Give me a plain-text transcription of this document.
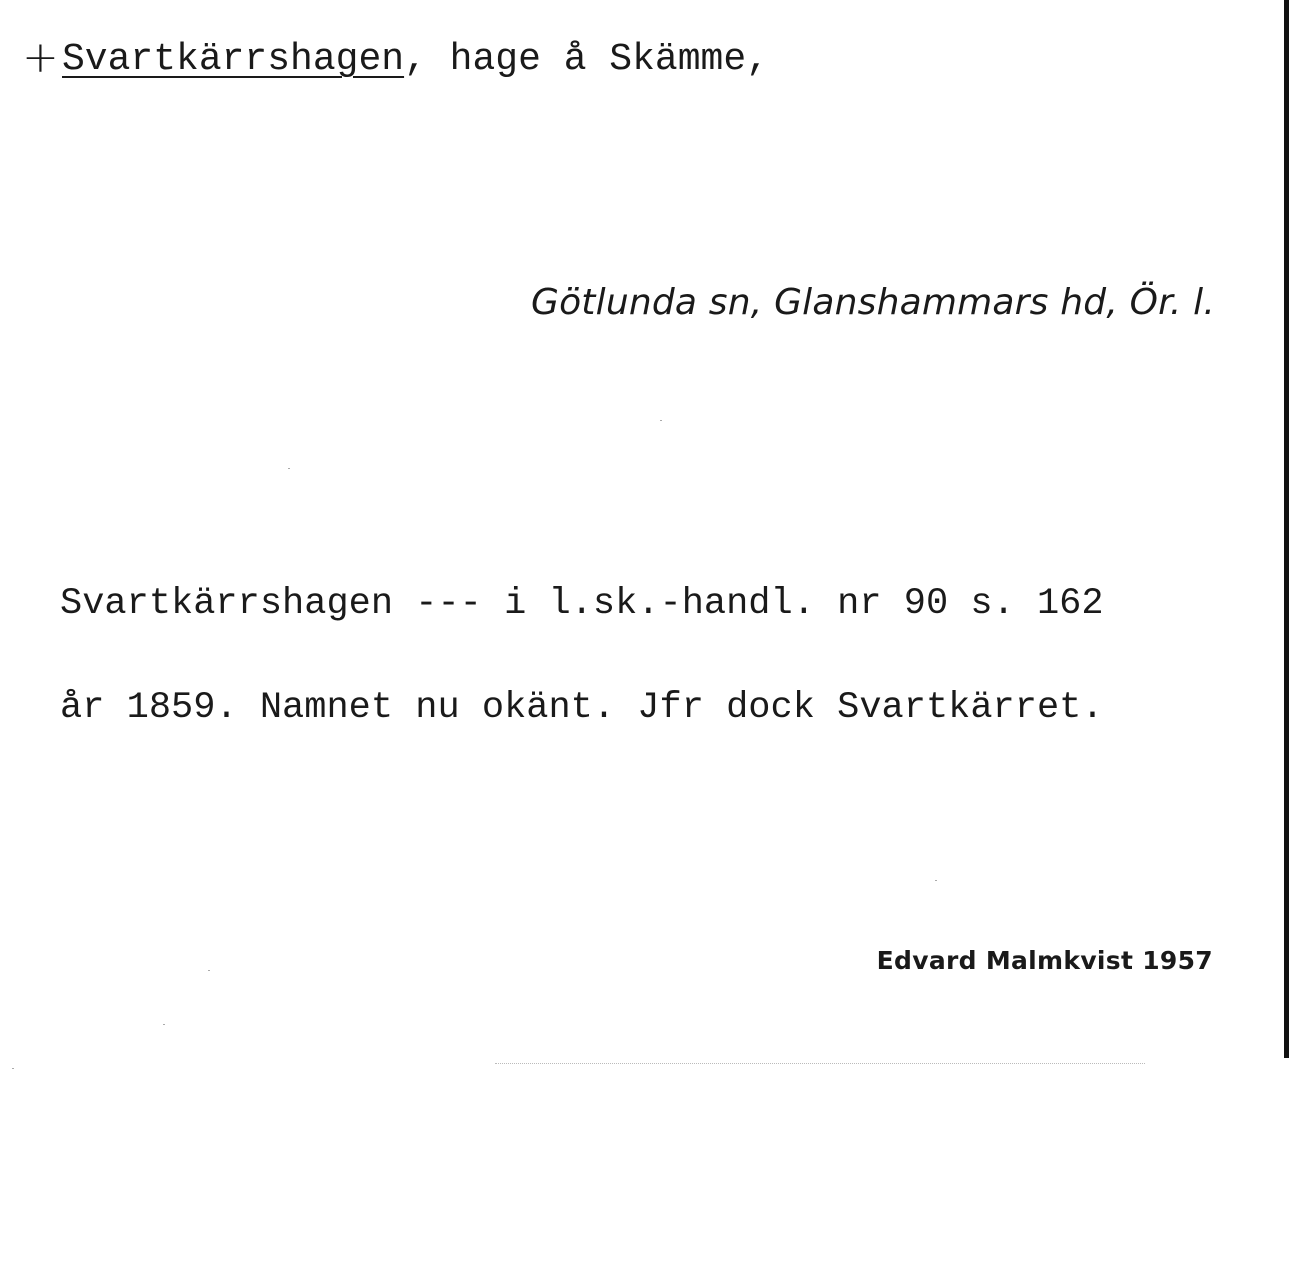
+Svartkärrshagen, hage å Skämme,
Götlunda sn, Glanshammars hd, Ör. l.
Svartkärrshagen --- i l.sk.-handl. nr 90 s. 162
år 1859. Namnet nu okänt. Jfr dock Svartkärret.
Edvard Malmkvist 1957
